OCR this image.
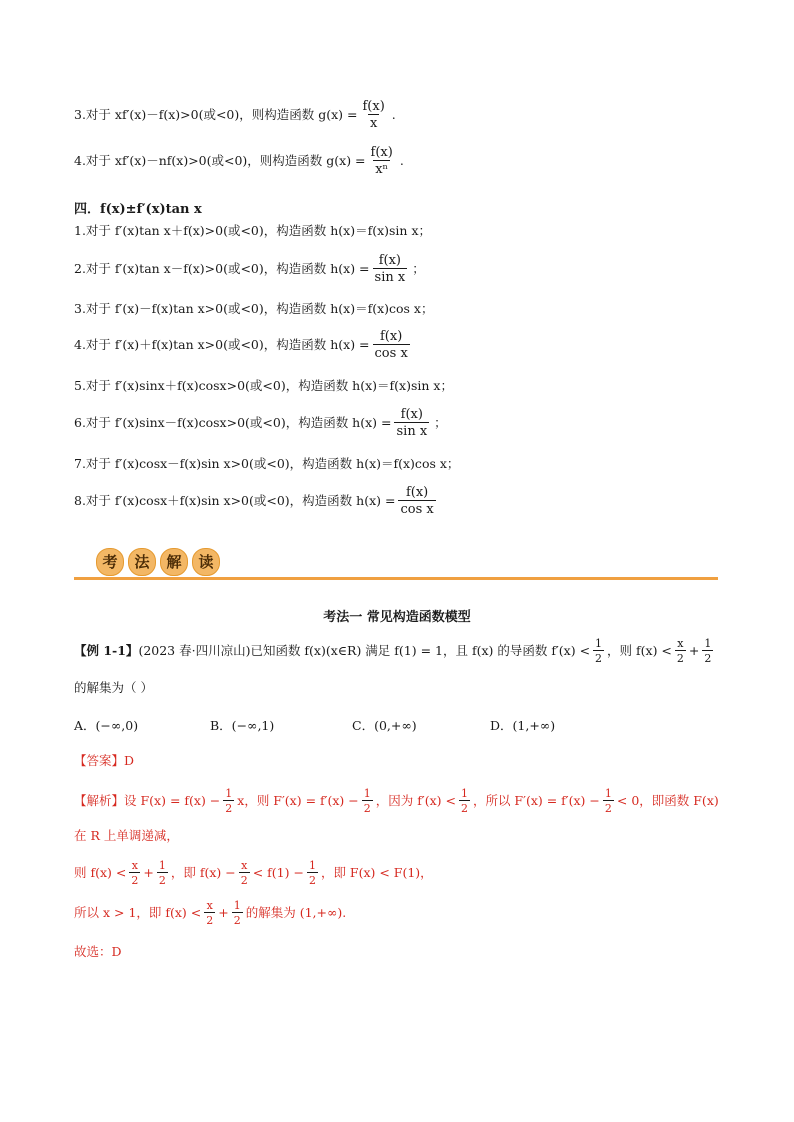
3.对于 xf′(x)－f(x)>0(或<0)，则构造函数 $g(x) = \frac{f(x)}{x}$ .
4.对于 xf′(x)－nf(x)>0(或<0)，则构造函数 $g(x) = \frac{f(x)}{\text{xⁿ}}$ .
四．f(x)±f′(x)tan x
1.对于 f′(x)tan x＋f(x)>0(或<0)，构造函数 h(x)＝f(x)sin x；
2.对于 f′(x)tan x－f(x)>0(或<0)，构造函数 $h(x) = \frac{f(x)}{\text{sin x}}$ ；
3.对于 f′(x)－f(x)tan x>0(或<0)，构造函数 h(x)＝f(x)cos x；
4.对于 f′(x)＋f(x)tan x>0(或<0)，构造函数 $h(x) = \frac{f(x)}{\text{cos x}}$
5.对于 f′(x)sinx＋f(x)cosx>0(或<0)，构造函数 h(x)＝f(x)sin x；
6.对于 f′(x)sinx－f(x)cosx>0(或<0)，构造函数 $h(x) = \frac{f(x)}{\text{sin x}}$ ；
7.对于 f′(x)cosx－f(x)sin x>0(或<0)，构造函数 h(x)＝f(x)cos x；
8.对于 f′(x)cosx＋f(x)sin x>0(或<0)，构造函数 $h(x) = \frac{f(x)}{\text{cos x}}$
考	法	解	读
考法一 常见构造函数模型
【例 1-1】(2023 春·四川凉山)已知函数 f(x)(x∈R) 满足 f(1) = 1，且 f(x) 的导函数 $f'(x) < \frac{1}{2}$ ，则 $f(x) < \frac{x}{2} + \frac{1}{2}$
的解集为（ ）
A．(−∞,0)	B．(−∞,1)	C．(0,+∞)	D．(1,+∞)
【答案】D
【解析】设 $F(x) = f(x) - \frac{1}{2}$ x，则 $F'(x) = f'(x) - \frac{1}{2}$ ，因为 $f'(x) < \frac{1}{2}$ ，所以 $F'(x) = f'(x) - \frac{1}{2} < 0$，即函数 F(x)
在 R 上单调递减，
则 $f(x) < \frac{x}{2} + \frac{1}{2}$ ，即 $f(x) - \frac{x}{2} < f(1) - \frac{1}{2}$ ，即 F(x) < F(1)，
所以 x > 1，即 $f(x) < \frac{x}{2} + \frac{1}{2}$ 的解集为 (1,+∞).
故选：D
